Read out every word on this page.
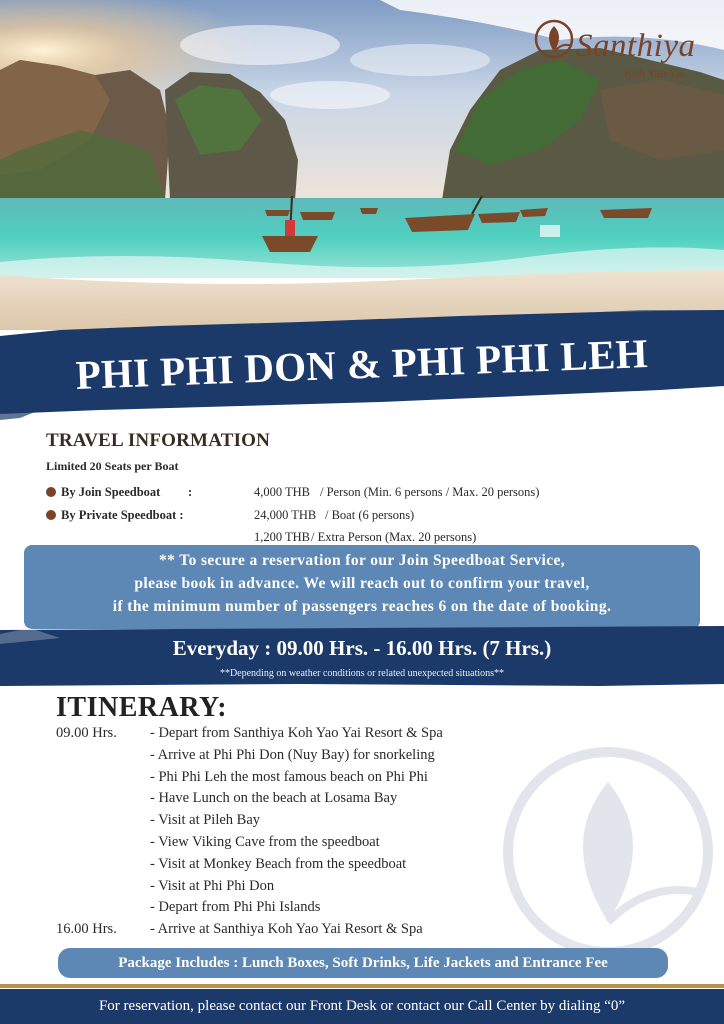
Santhiya
Koh Yao Yai
PHI PHI DON & PHI PHI LEH
TRAVEL INFORMATION
Limited 20 Seats per Boat
By Join Speedboat :	4,000 THB / Person (Min. 6 persons / Max. 20 persons)
By Private Speedboat :	24,000 THB / Boat (6 persons)
1,200 THB / Extra Person (Max. 20 persons)
** To secure a reservation for our Join Speedboat Service,
please book in advance. We will reach out to confirm your travel,
if the minimum number of passengers reaches 6 on the date of booking.
Everyday : 09.00 Hrs. - 16.00 Hrs. (7 Hrs.)
**Depending on weather conditions or related unexpected situations**
ITINERARY:
09.00 Hrs. - Depart from Santhiya Koh Yao Yai Resort & Spa
- Arrive at Phi Phi Don (Nuy Bay) for snorkeling
- Phi Phi Leh the most famous beach on Phi Phi
- Have Lunch on the beach at Losama Bay
- Visit at Pileh Bay
- View Viking Cave from the speedboat
- Visit at Monkey Beach from the speedboat
- Visit at Phi Phi Don
- Depart from Phi Phi Islands
16.00 Hrs. - Arrive at Santhiya Koh Yao Yai Resort & Spa
Package Includes : Lunch Boxes, Soft Drinks, Life Jackets and Entrance Fee
For reservation, please contact our Front Desk or contact our Call Center by dialing “0”
